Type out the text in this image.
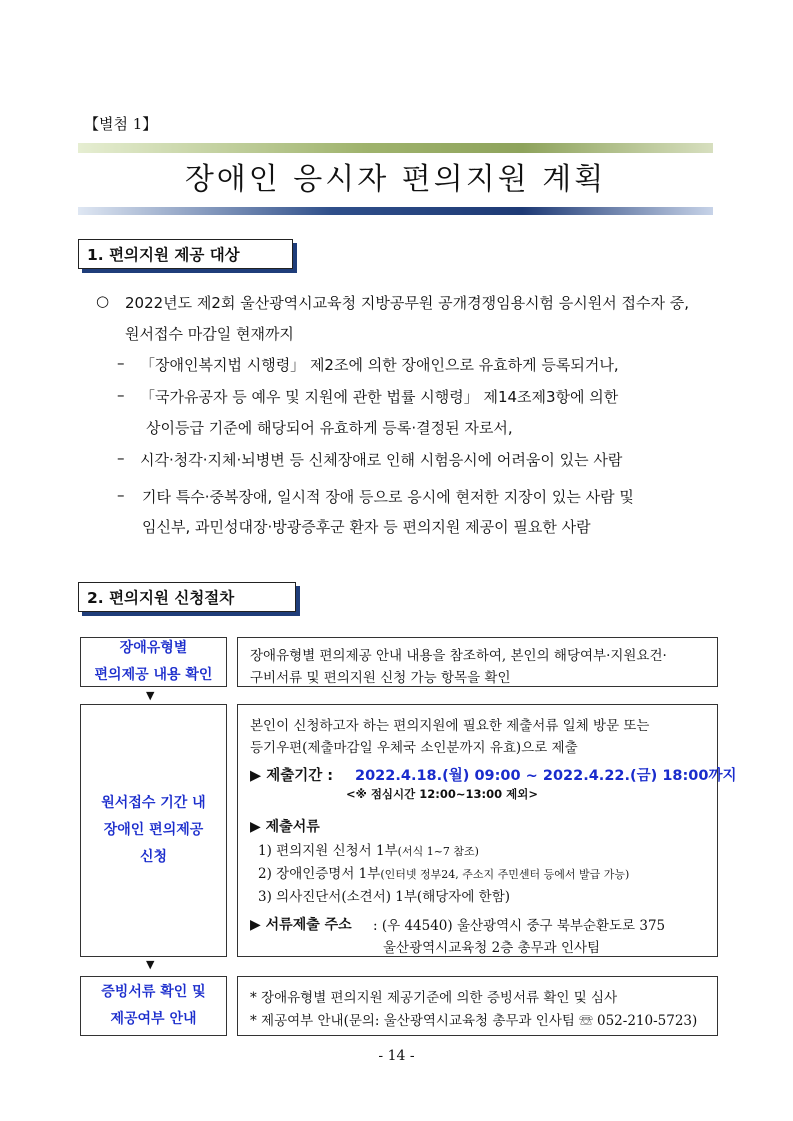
【별첨 1】
장애인 응시자 편의지원 계획
1. 편의지원 제공 대상
○ 2022년도 제2회 울산광역시교육청 지방공무원 공개경쟁임용시험 응시원서 접수자 중,
원서접수 마감일 현재까지
– 「장애인복지법 시행령」 제2조에 의한 장애인으로 유효하게 등록되거나,
– 「국가유공자 등 예우 및 지원에 관한 법률 시행령」 제14조제3항에 의한
상이등급 기준에 해당되어 유효하게 등록·결정된 자로서,
– 시각·청각·지체·뇌병변 등 신체장애로 인해 시험응시에 어려움이 있는 사람
– 기타 특수·중복장애, 일시적 장애 등으로 응시에 현저한 지장이 있는 사람 및
임신부, 과민성대장·방광증후군 환자 등 편의지원 제공이 필요한 사람
2. 편의지원 신청절차
장애유형별
편의제공 내용 확인
장애유형별 편의제공 안내 내용을 참조하여, 본인의 해당여부·지원요건·
구비서류 및 편의지원 신청 가능 항목을 확인
▼
원서접수 기간 내
장애인 편의제공
신청
본인이 신청하고자 하는 편의지원에 필요한 제출서류 일체 방문 또는
등기우편(제출마감일 우체국 소인분까지 유효)으로 제출
▶ 제출기간 : 2022.4.18.(월) 09:00 ~ 2022.4.22.(금) 18:00까지
<※ 점심시간 12:00~13:00 제외>
▶ 제출서류
1) 편의지원 신청서 1부(서식 1~7 참조)
2) 장애인증명서 1부(인터넷 정부24, 주소지 주민센터 등에서 발급 가능)
3) 의사진단서(소견서) 1부(해당자에 한함)
▶ 서류제출 주소 : (우 44540) 울산광역시 중구 북부순환도로 375
울산광역시교육청 2층 총무과 인사팀
▼
증빙서류 확인 및
제공여부 안내
* 장애유형별 편의지원 제공기준에 의한 증빙서류 확인 및 심사
* 제공여부 안내(문의: 울산광역시교육청 총무과 인사팀 ☏ 052-210-5723)
- 14 -
